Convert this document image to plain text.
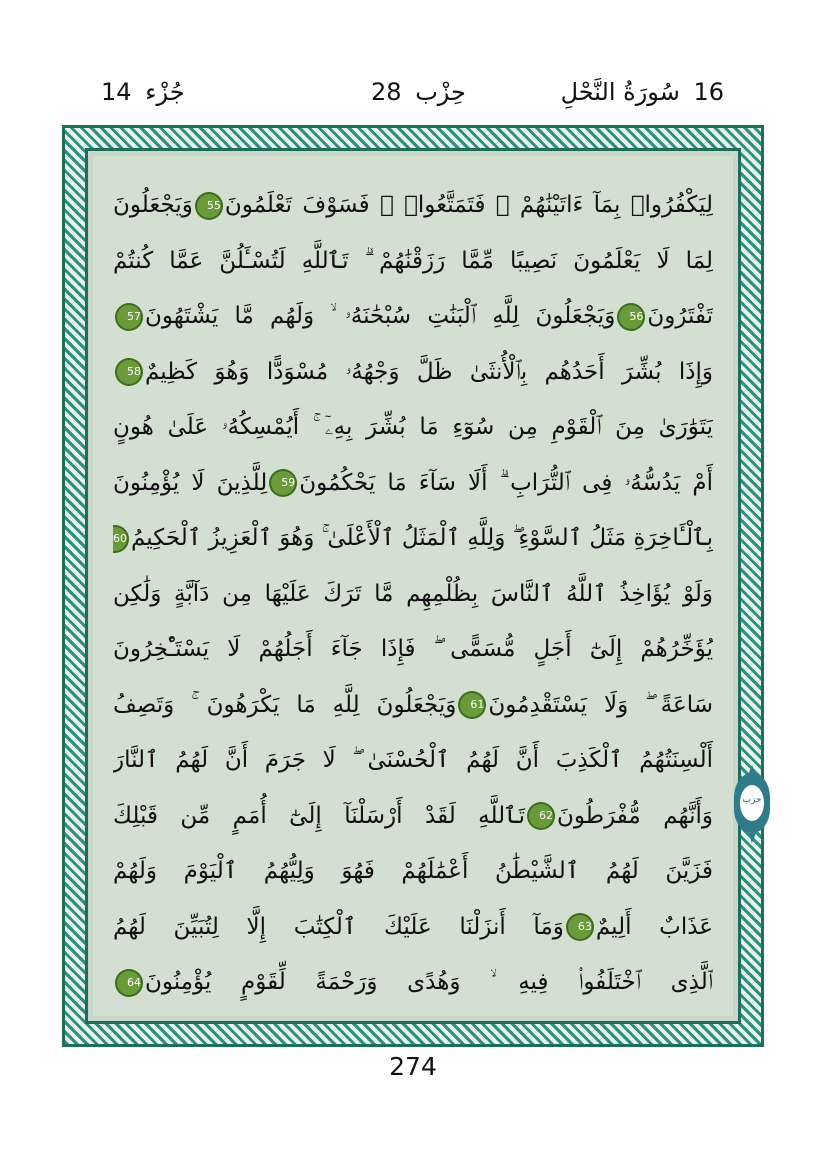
جُزْء 14	حِزْب 28	16 سُورَةُ النَّحْلِ
لِيَكْفُرُوا۟ بِمَآ ءَاتَيْنَٰهُمْ ۚ فَتَمَتَّعُوا۟ ۖ فَسَوْفَ تَعْلَمُونَ55وَيَجْعَلُونَ
لِمَا لَا يَعْلَمُونَ نَصِيبًا مِّمَّا رَزَقْنَٰهُمْ ۗ تَٱللَّهِ لَتُسْـَٔلُنَّ عَمَّا كُنتُمْ
تَفْتَرُونَ56وَيَجْعَلُونَ لِلَّهِ ٱلْبَنَٰتِ سُبْحَٰنَهُۥ ۙ وَلَهُم مَّا يَشْتَهُونَ57
وَإِذَا بُشِّرَ أَحَدُهُم بِٱلْأُنثَىٰ ظَلَّ وَجْهُهُۥ مُسْوَدًّا وَهُوَ كَظِيمٌ58
يَتَوَٰرَىٰ مِنَ ٱلْقَوْمِ مِن سُوٓءِ مَا بُشِّرَ بِهِۦٓ ۚ أَيُمْسِكُهُۥ عَلَىٰ هُونٍ
أَمْ يَدُسُّهُۥ فِى ٱلتُّرَابِ ۗ أَلَا سَآءَ مَا يَحْكُمُونَ59لِلَّذِينَ لَا يُؤْمِنُونَ
بِٱلْـَٔاخِرَةِ مَثَلُ ٱلسَّوْءِ ۖ وَلِلَّهِ ٱلْمَثَلُ ٱلْأَعْلَىٰ ۚ وَهُوَ ٱلْعَزِيزُ ٱلْحَكِيمُ60
وَلَوْ يُؤَاخِذُ ٱللَّهُ ٱلنَّاسَ بِظُلْمِهِم مَّا تَرَكَ عَلَيْهَا مِن دَآبَّةٍ وَلَٰكِن
يُؤَخِّرُهُمْ إِلَىٰٓ أَجَلٍ مُّسَمًّى ۖ فَإِذَا جَآءَ أَجَلُهُمْ لَا يَسْتَـْٔخِرُونَ
سَاعَةً ۖ وَلَا يَسْتَقْدِمُونَ61وَيَجْعَلُونَ لِلَّهِ مَا يَكْرَهُونَ ۚ وَتَصِفُ
أَلْسِنَتُهُمُ ٱلْكَذِبَ أَنَّ لَهُمُ ٱلْحُسْنَىٰ ۖ لَا جَرَمَ أَنَّ لَهُمُ ٱلنَّارَ
وَأَنَّهُم مُّفْرَطُونَ62تَٱللَّهِ لَقَدْ أَرْسَلْنَآ إِلَىٰٓ أُمَمٍ مِّن قَبْلِكَ
فَزَيَّنَ لَهُمُ ٱلشَّيْطَٰنُ أَعْمَٰلَهُمْ فَهُوَ وَلِيُّهُمُ ٱلْيَوْمَ وَلَهُمْ
عَذَابٌ أَلِيمٌ63وَمَآ أَنزَلْنَا عَلَيْكَ ٱلْكِتَٰبَ إِلَّا لِتُبَيِّنَ لَهُمُ
ٱلَّذِى ٱخْتَلَفُوا۟ فِيهِ ۙ وَهُدًى وَرَحْمَةً لِّقَوْمٍ يُؤْمِنُونَ64
حزب
274
